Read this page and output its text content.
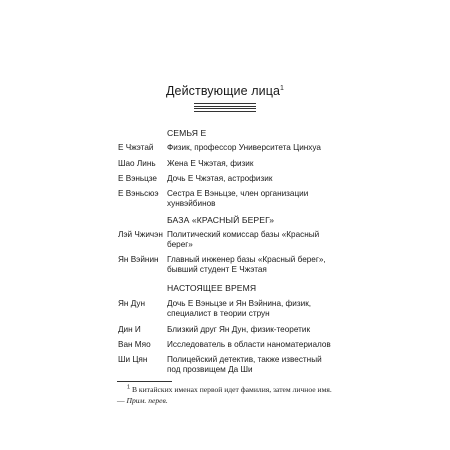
Действующие лица$^1$
СЕМЬЯ Е
Е Чжэтай Физик, профессор Университета Цинхуа
Шао Линь Жена Е Чжэтая, физик
Е Вэньцзе Дочь Е Чжэтая, астрофизик
Е Вэньсюэ Сестра Е Вэньцзе, член организации хунвэйбинов
БАЗА «КРАСНЫЙ БЕРЕГ»
Лэй Чжичэн Политический комиссар базы «Красный берег»
Ян Вэйнин Главный инженер базы «Красный берег», бывший студент Е Чжэтая
НАСТОЯЩЕЕ ВРЕМЯ
Ян Дун	Дочь Е Вэньцзе и Ян Вэйнина, физик, специалист в теории струн
Дин И	Близкий друг Ян Дун, физик-теоретик
Ван Мяо Исследователь в области наноматериалов
Ши Цян Полицейский детектив, также известный под прозвищем Да Ши
$^1$ В китайских именах первой идет фамилия, затем личное имя. — Прим. перев.
